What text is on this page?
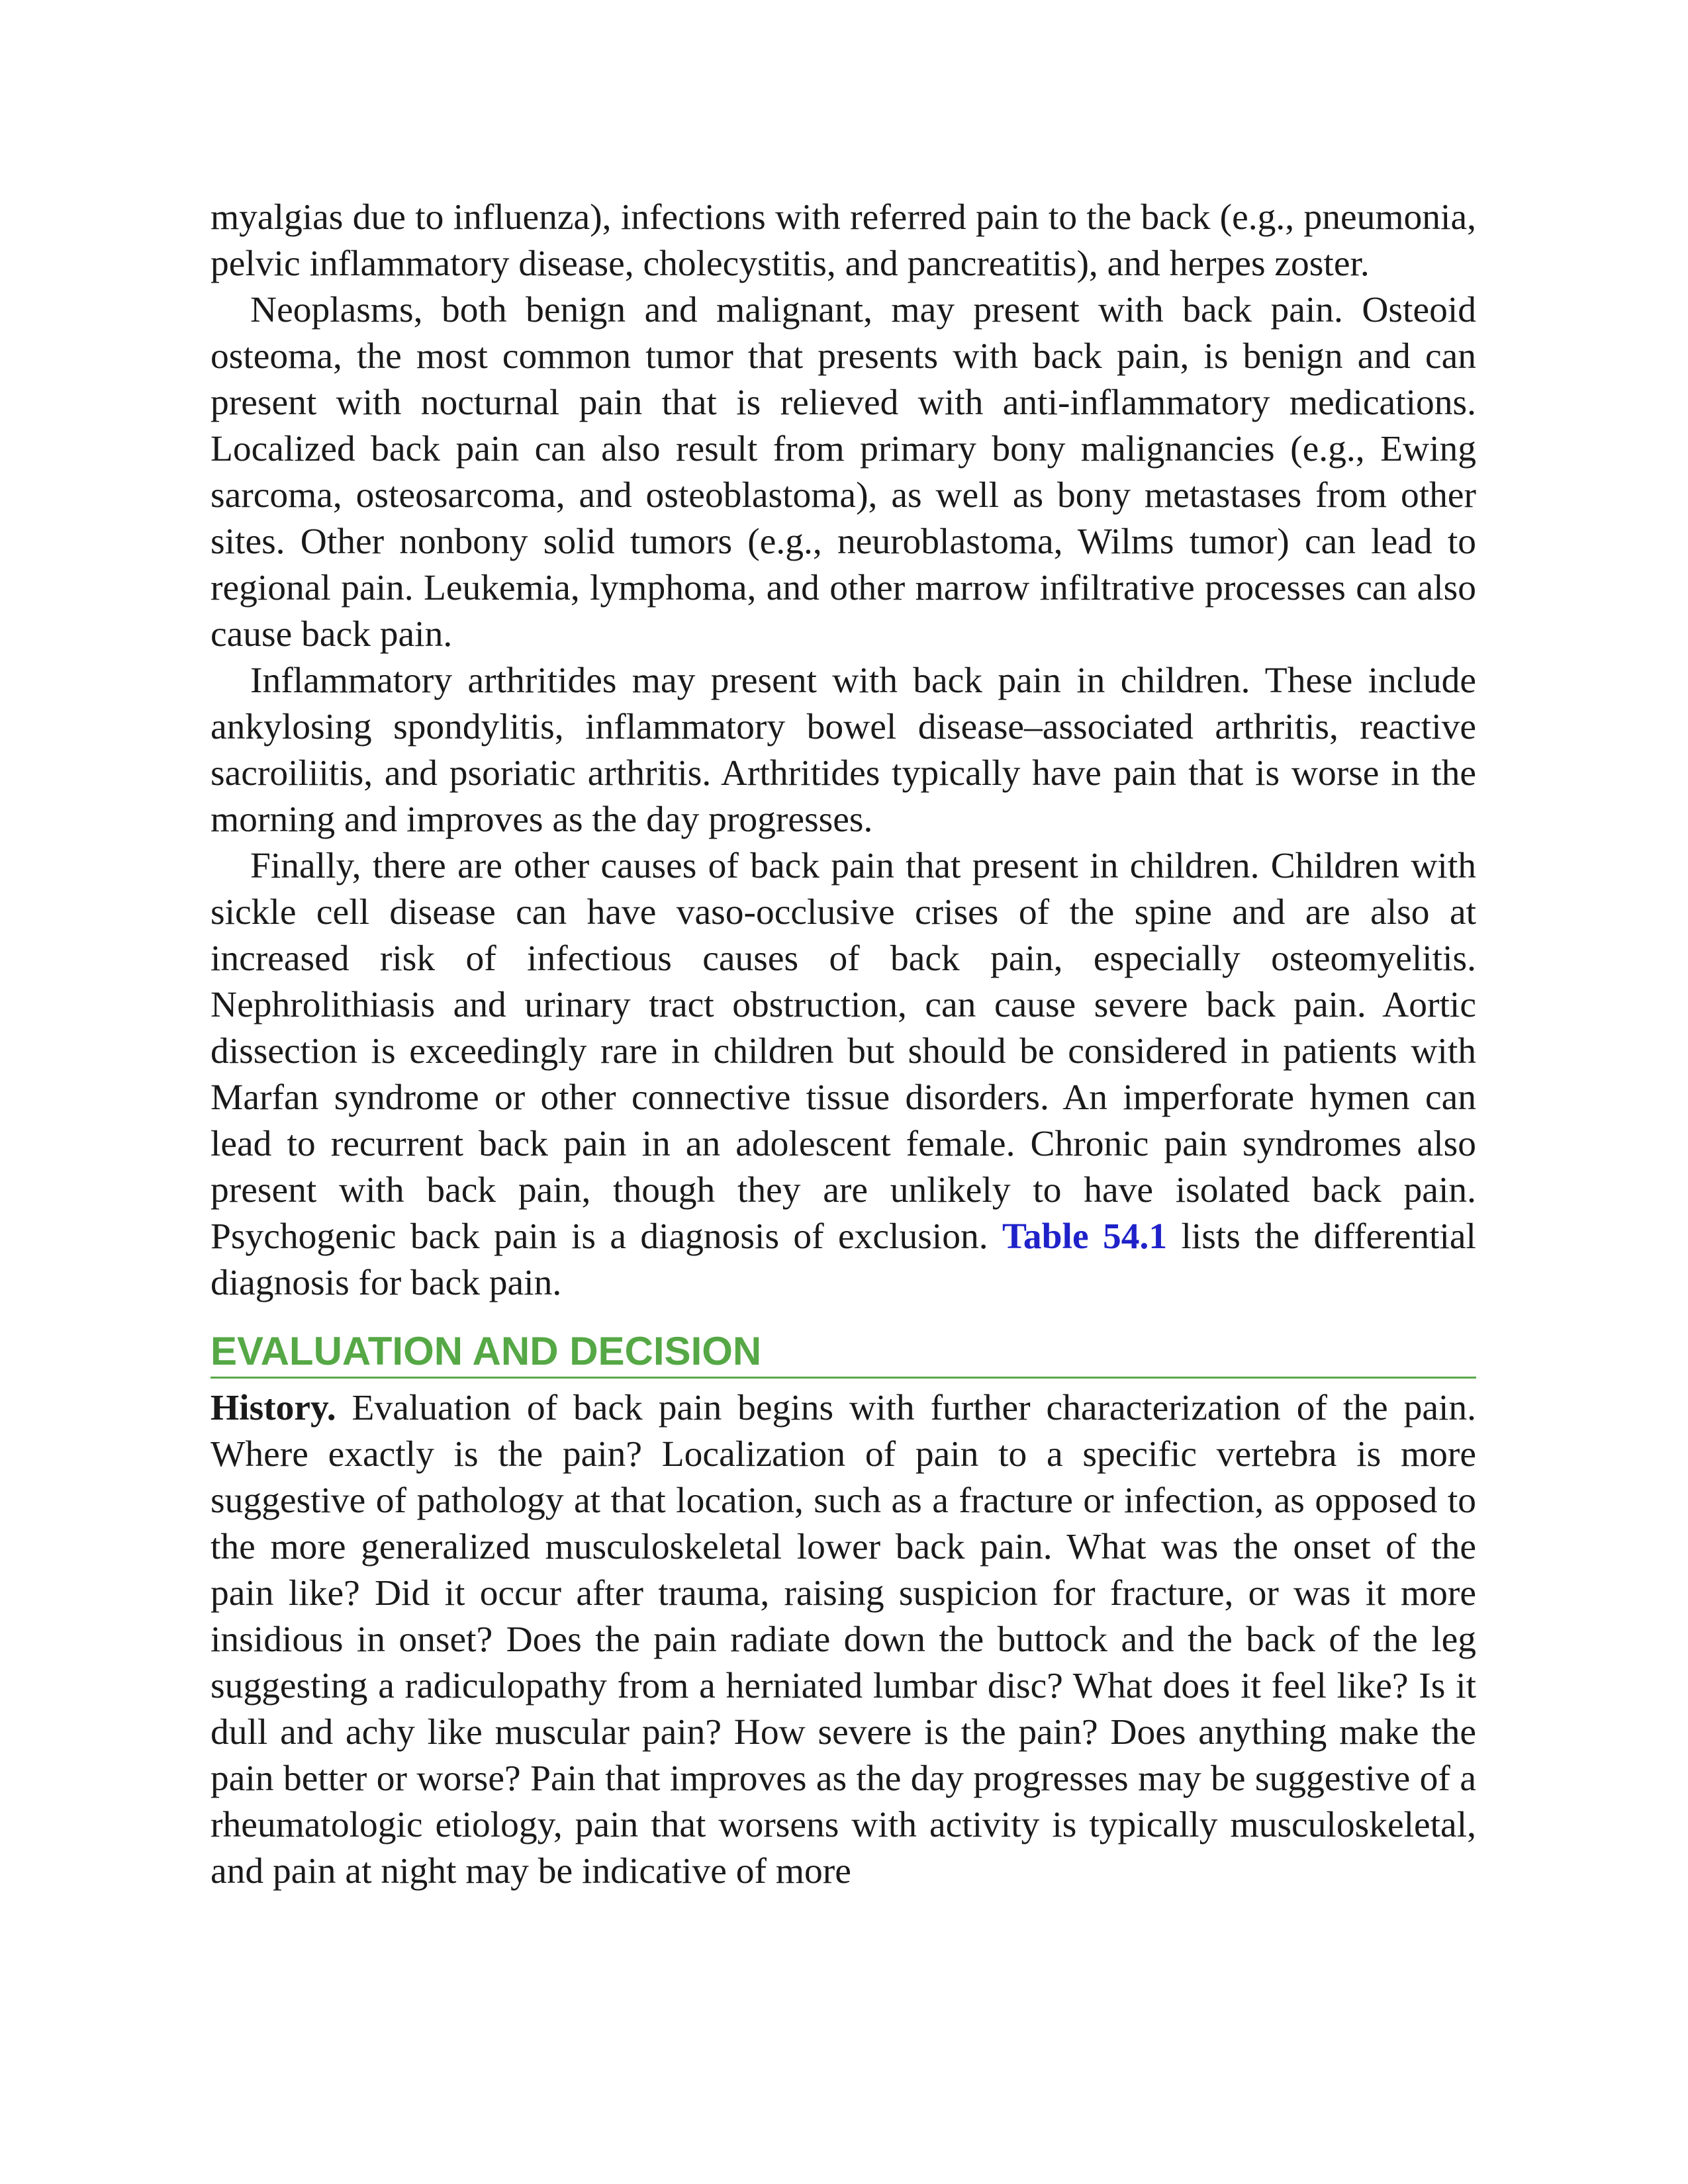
myalgias due to influenza), infections with referred pain to the back (e.g., pneumonia, pelvic inflammatory disease, cholecystitis, and pancreatitis), and herpes zoster.

Neoplasms, both benign and malignant, may present with back pain. Osteoid osteoma, the most common tumor that presents with back pain, is benign and can present with nocturnal pain that is relieved with anti-inflammatory medications. Localized back pain can also result from primary bony malignancies (e.g., Ewing sarcoma, osteosarcoma, and osteoblastoma), as well as bony metastases from other sites. Other nonbony solid tumors (e.g., neuroblastoma, Wilms tumor) can lead to regional pain. Leukemia, lymphoma, and other marrow infiltrative processes can also cause back pain.

Inflammatory arthritides may present with back pain in children. These include ankylosing spondylitis, inflammatory bowel disease–associated arthritis, reactive sacroiliitis, and psoriatic arthritis. Arthritides typically have pain that is worse in the morning and improves as the day progresses.

Finally, there are other causes of back pain that present in children. Children with sickle cell disease can have vaso-occlusive crises of the spine and are also at increased risk of infectious causes of back pain, especially osteomyelitis. Nephrolithiasis and urinary tract obstruction, can cause severe back pain. Aortic dissection is exceedingly rare in children but should be considered in patients with Marfan syndrome or other connective tissue disorders. An imperforate hymen can lead to recurrent back pain in an adolescent female. Chronic pain syndromes also present with back pain, though they are unlikely to have isolated back pain. Psychogenic back pain is a diagnosis of exclusion. Table 54.1 lists the differential diagnosis for back pain.

EVALUATION AND DECISION

History. Evaluation of back pain begins with further characterization of the pain. Where exactly is the pain? Localization of pain to a specific vertebra is more suggestive of pathology at that location, such as a fracture or infection, as opposed to the more generalized musculoskeletal lower back pain. What was the onset of the pain like? Did it occur after trauma, raising suspicion for fracture, or was it more insidious in onset? Does the pain radiate down the buttock and the back of the leg suggesting a radiculopathy from a herniated lumbar disc? What does it feel like? Is it dull and achy like muscular pain? How severe is the pain? Does anything make the pain better or worse? Pain that improves as the day progresses may be suggestive of a rheumatologic etiology, pain that worsens with activity is typically musculoskeletal, and pain at night may be indicative of more
